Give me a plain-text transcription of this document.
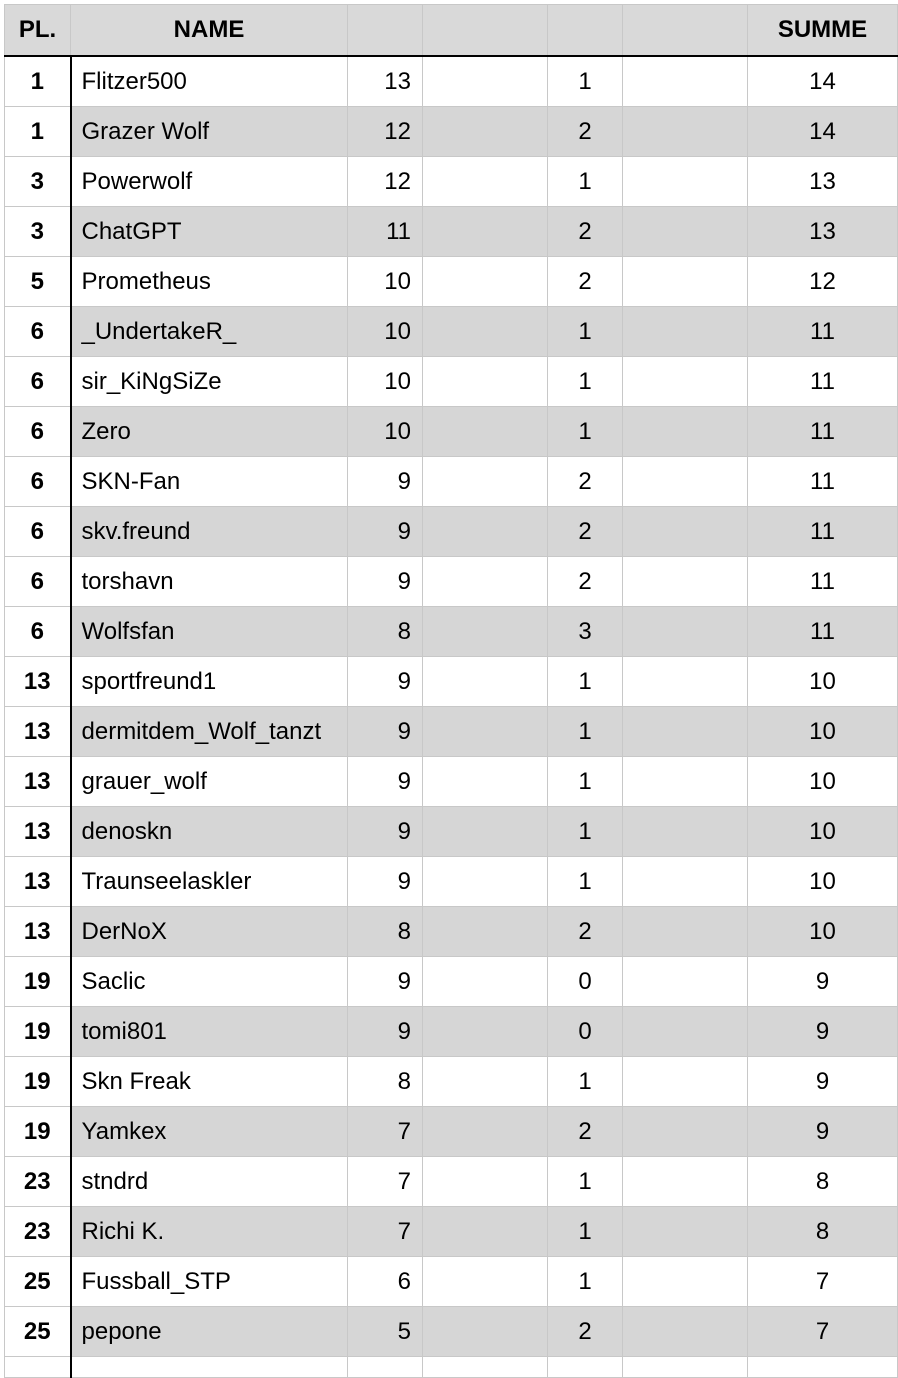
PL.	NAME					SUMME
1	Flitzer500	13		1		14
1	Grazer Wolf	12		2		14
3	Powerwolf	12		1		13
3	ChatGPT	11		2		13
5	Prometheus	10		2		12
6	_UndertakeR_	10		1		11
6	sir_KiNgSiZe	10		1		11
6	Zero	10		1		11
6	SKN-Fan	9		2		11
6	skv.freund	9		2		11
6	torshavn	9		2		11
6	Wolfsfan	8		3		11
13	sportfreund1	9		1		10
13	dermitdem_Wolf_tanzt	9		1		10
13	grauer_wolf	9		1		10
13	denoskn	9		1		10
13	Traunseelaskler	9		1		10
13	DerNoX	8		2		10
19	Saclic	9		0		9
19	tomi801	9		0		9
19	Skn Freak	8		1		9
19	Yamkex	7		2		9
23	stndrd	7		1		8
23	Richi K.	7		1		8
25	Fussball_STP	6		1		7
25	pepone	5		2		7
